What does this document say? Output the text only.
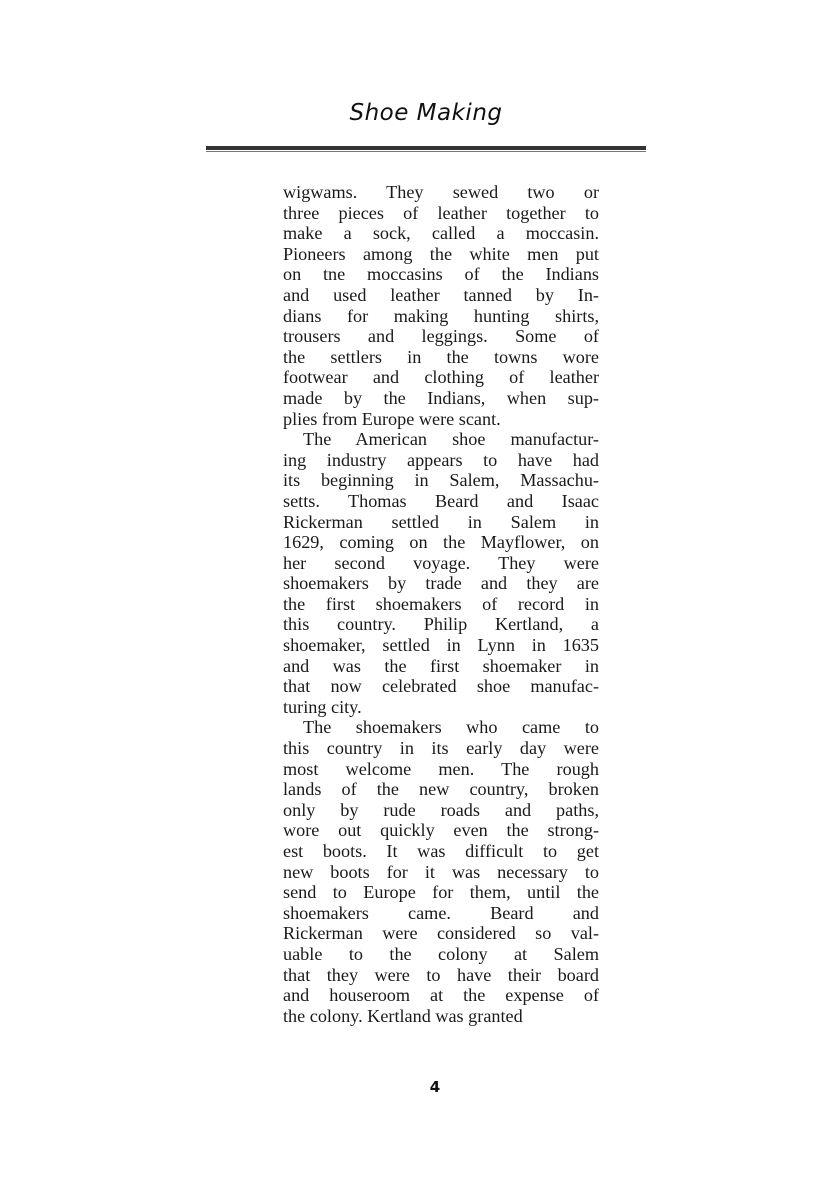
Shoe Making
wigwams. They sewed two or
three pieces of leather together to
make a sock, called a moccasin.
Pioneers among the white men put
on tne moccasins of the Indians
and used leather tanned by In-
dians for making hunting shirts,
trousers and leggings. Some of
the settlers in the towns wore
footwear and clothing of leather
made by the Indians, when sup-
plies from Europe were scant.
The American shoe manufactur-
ing industry appears to have had
its beginning in Salem, Massachu-
setts. Thomas Beard and Isaac
Rickerman settled in Salem in
1629, coming on the Mayflower, on
her second voyage. They were
shoemakers by trade and they are
the first shoemakers of record in
this country. Philip Kertland, a
shoemaker, settled in Lynn in 1635
and was the first shoemaker in
that now celebrated shoe manufac-
turing city.
The shoemakers who came to
this country in its early day were
most welcome men. The rough
lands of the new country, broken
only by rude roads and paths,
wore out quickly even the strong-
est boots. It was difficult to get
new boots for it was necessary to
send to Europe for them, until the
shoemakers came. Beard and
Rickerman were considered so val-
uable to the colony at Salem
that they were to have their board
and houseroom at the expense of
the colony. Kertland was granted
4
